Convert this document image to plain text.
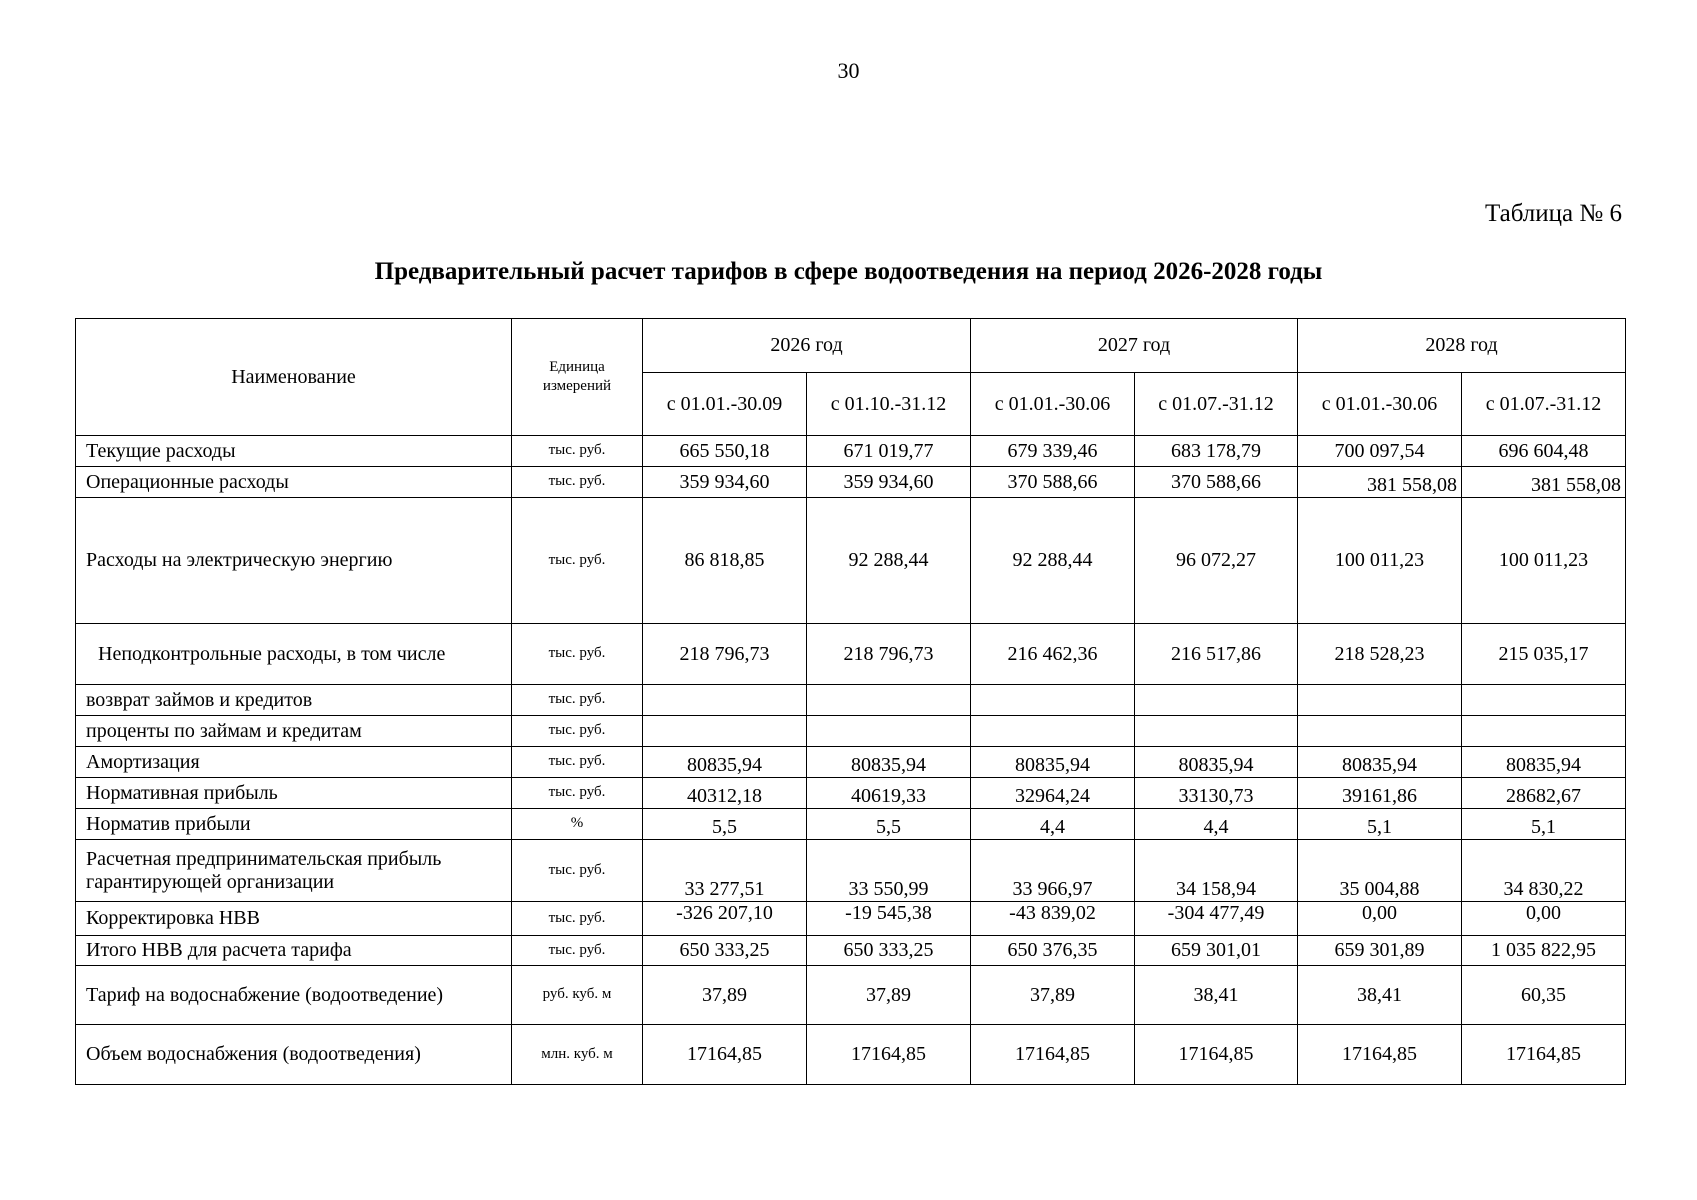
30
Таблица № 6
Предварительный расчет тарифов в сфере водоотведения на период 2026-2028 годы
Наименование	Единица измерений	2026 год		2027 год		2028 год	
		с 01.01.-30.09	с 01.10.-31.12	с 01.01.-30.06	с 01.07.-31.12	с 01.01.-30.06	с 01.07.-31.12
Текущие расходы	тыс. руб.	665 550,18	671 019,77	679 339,46	683 178,79	700 097,54	696 604,48
Операционные расходы	тыс. руб.	359 934,60	359 934,60	370 588,66	370 588,66	381 558,08	381 558,08
Расходы на электрическую энергию	тыс. руб.	86 818,85	92 288,44	92 288,44	96 072,27	100 011,23	100 011,23
Неподконтрольные расходы, в том числе	тыс. руб.	218 796,73	218 796,73	216 462,36	216 517,86	218 528,23	215 035,17
возврат займов и кредитов	тыс. руб.						
проценты по займам и кредитам	тыс. руб.						
Амортизация	тыс. руб.	80835,94	80835,94	80835,94	80835,94	80835,94	80835,94
Нормативная прибыль	тыс. руб.	40312,18	40619,33	32964,24	33130,73	39161,86	28682,67
Норматив прибыли	%	5,5	5,5	4,4	4,4	5,1	5,1
Расчетная предпринимательская прибыль гарантирующей организации	тыс. руб.	33 277,51	33 550,99	33 966,97	34 158,94	35 004,88	34 830,22
Корректировка НВВ	тыс. руб.	-326 207,10	-19 545,38	-43 839,02	-304 477,49	0,00	0,00
Итого НВВ для расчета тарифа	тыс. руб.	650 333,25	650 333,25	650 376,35	659 301,01	659 301,89	1 035 822,95
Тариф на водоснабжение (водоотведение)	руб. куб. м	37,89	37,89	37,89	38,41	38,41	60,35
Объем водоснабжения (водоотведения)	млн. куб. м	17164,85	17164,85	17164,85	17164,85	17164,85	17164,85
